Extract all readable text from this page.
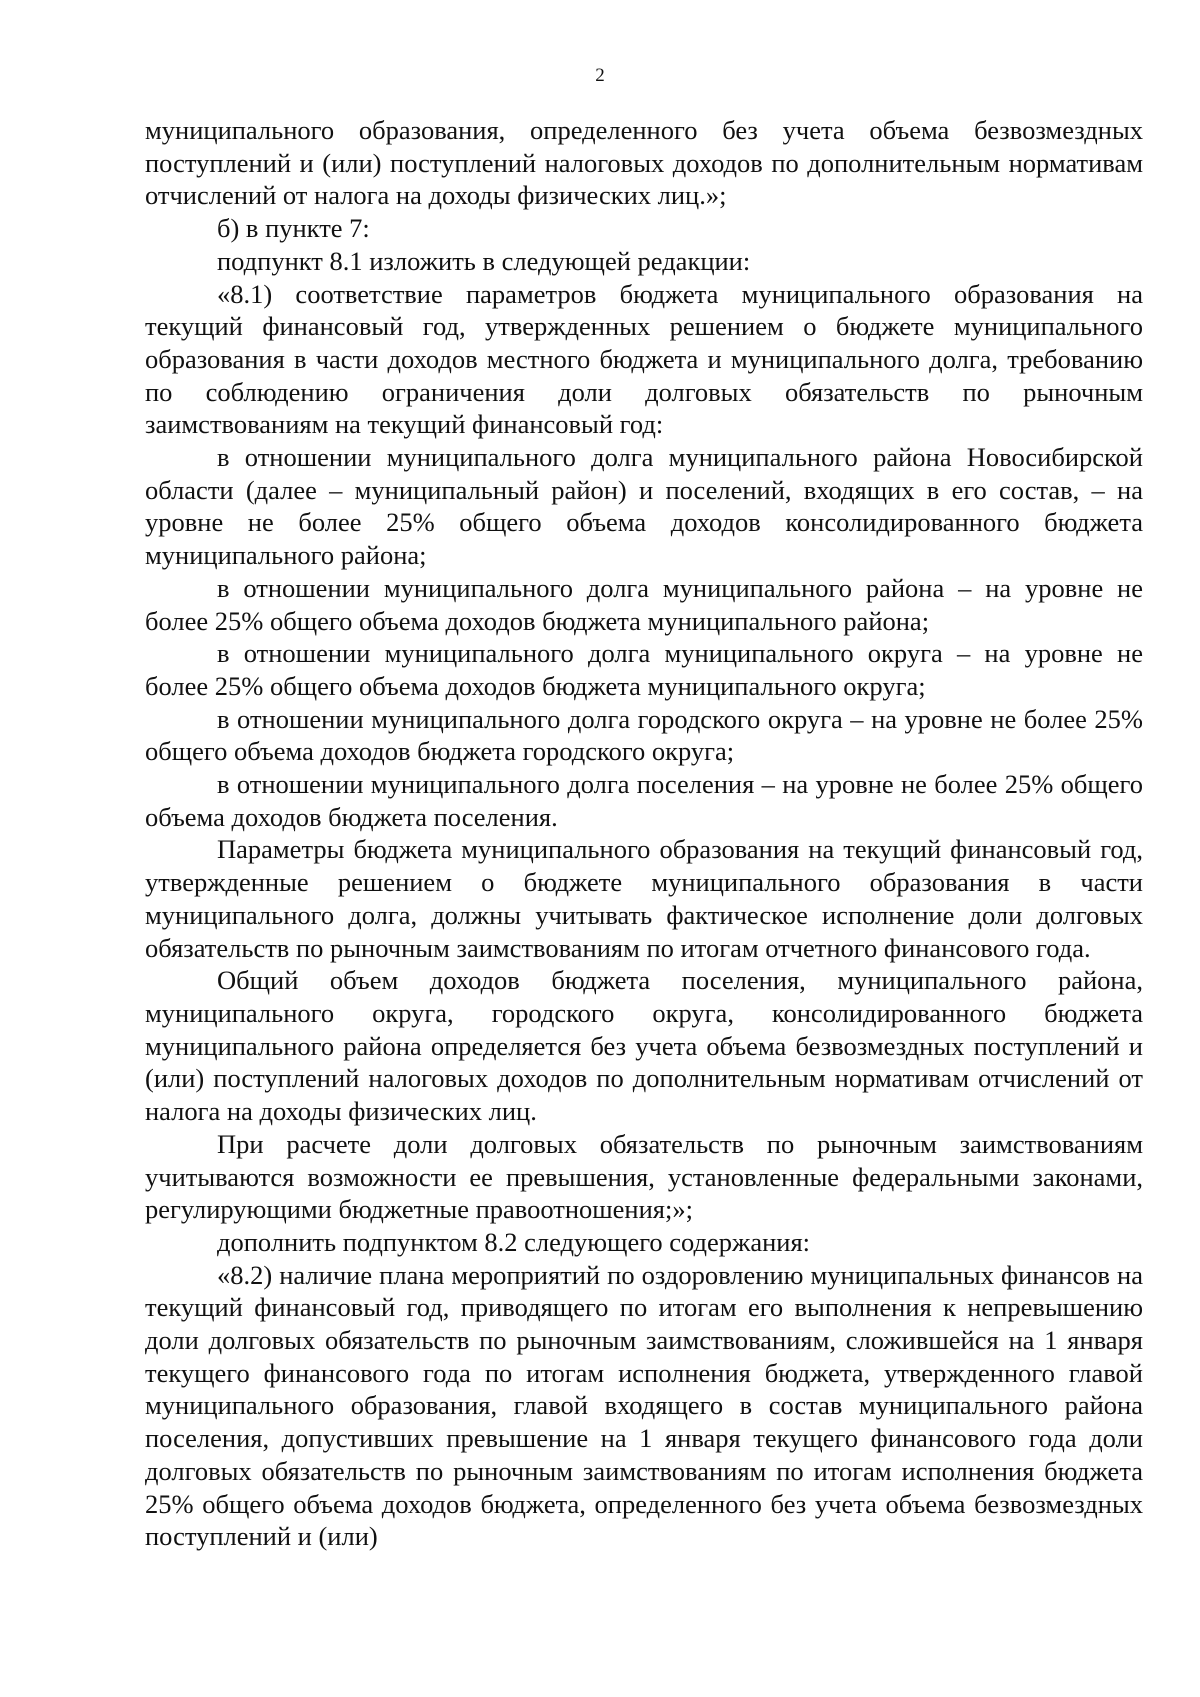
2

муниципального образования, определенного без учета объема безвозмездных поступлений и (или) поступлений налоговых доходов по дополнительным нормативам отчислений от налога на доходы физических лиц.»;

б) в пункте 7:

подпункт 8.1 изложить в следующей редакции:

«8.1) соответствие параметров бюджета муниципального образования на текущий финансовый год, утвержденных решением о бюджете муниципального образования в части доходов местного бюджета и муниципального долга, требованию по соблюдению ограничения доли долговых обязательств по рыночным заимствованиям на текущий финансовый год:

в отношении муниципального долга муниципального района Новосибирской области (далее – муниципальный район) и поселений, входящих в его состав, – на уровне не более 25% общего объема доходов консолидированного бюджета муниципального района;

в отношении муниципального долга муниципального района – на уровне не более 25% общего объема доходов бюджета муниципального района;

в отношении муниципального долга муниципального округа – на уровне не более 25% общего объема доходов бюджета муниципального округа;

в отношении муниципального долга городского округа – на уровне не более 25% общего объема доходов бюджета городского округа;

в отношении муниципального долга поселения – на уровне не более 25% общего объема доходов бюджета поселения.

Параметры бюджета муниципального образования на текущий финансовый год, утвержденные решением о бюджете муниципального образования в части муниципального долга, должны учитывать фактическое исполнение доли долговых обязательств по рыночным заимствованиям по итогам отчетного финансового года.

Общий объем доходов бюджета поселения, муниципального района, муниципального округа, городского округа, консолидированного бюджета муниципального района определяется без учета объема безвозмездных поступлений и (или) поступлений налоговых доходов по дополнительным нормативам отчислений от налога на доходы физических лиц.

При расчете доли долговых обязательств по рыночным заимствованиям учитываются возможности ее превышения, установленные федеральными законами, регулирующими бюджетные правоотношения;»;

дополнить подпунктом 8.2 следующего содержания:

«8.2) наличие плана мероприятий по оздоровлению муниципальных финансов на текущий финансовый год, приводящего по итогам его выполнения к непревышению доли долговых обязательств по рыночным заимствованиям, сложившейся на 1 января текущего финансового года по итогам исполнения бюджета, утвержденного главой муниципального образования, главой входящего в состав муниципального района поселения, допустивших превышение на 1 января текущего финансового года доли долговых обязательств по рыночным заимствованиям по итогам исполнения бюджета 25% общего объема доходов бюджета, определенного без учета объема безвозмездных поступлений и (или)
